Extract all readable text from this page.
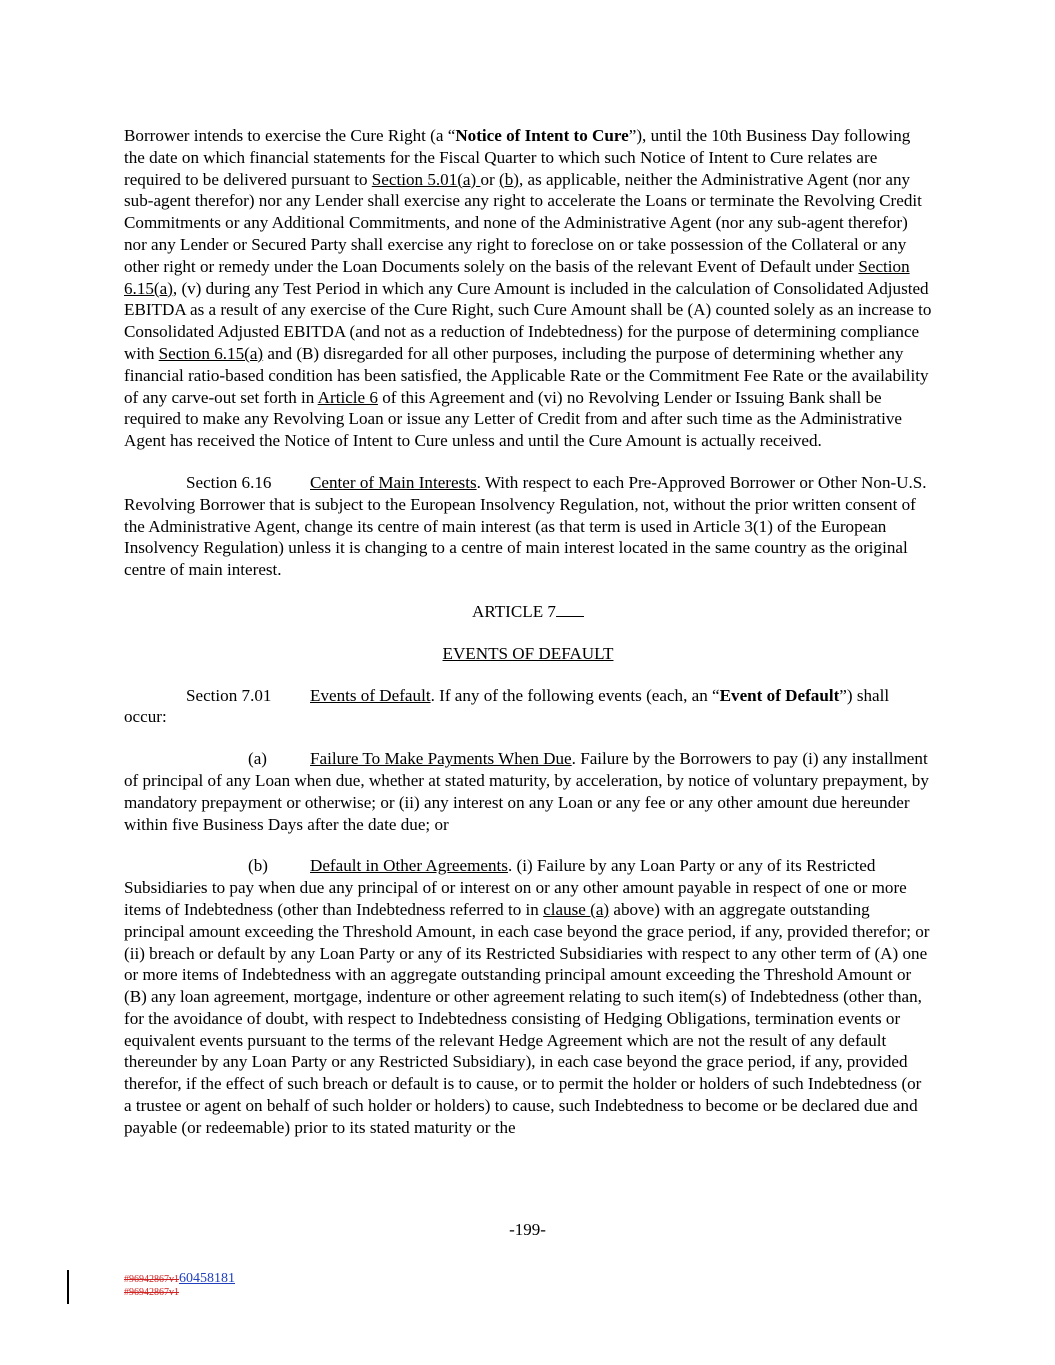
Borrower intends to exercise the Cure Right (a “Notice of Intent to Cure”), until the 10th Business Day following the date on which financial statements for the Fiscal Quarter to which such Notice of Intent to Cure relates are required to be delivered pursuant to Section 5.01(a) or (b), as applicable, neither the Administrative Agent (nor any sub-agent therefor) nor any Lender shall exercise any right to accelerate the Loans or terminate the Revolving Credit Commitments or any Additional Commitments, and none of the Administrative Agent (nor any sub-agent therefor) nor any Lender or Secured Party shall exercise any right to foreclose on or take possession of the Collateral or any other right or remedy under the Loan Documents solely on the basis of the relevant Event of Default under Section 6.15(a), (v) during any Test Period in which any Cure Amount is included in the calculation of Consolidated Adjusted EBITDA as a result of any exercise of the Cure Right, such Cure Amount shall be (A) counted solely as an increase to Consolidated Adjusted EBITDA (and not as a reduction of Indebtedness) for the purpose of determining compliance with Section 6.15(a) and (B) disregarded for all other purposes, including the purpose of determining whether any financial ratio-based condition has been satisfied, the Applicable Rate or the Commitment Fee Rate or the availability of any carve-out set forth in Article 6 of this Agreement and (vi) no Revolving Lender or Issuing Bank shall be required to make any Revolving Loan or issue any Letter of Credit from and after such time as the Administrative Agent has received the Notice of Intent to Cure unless and until the Cure Amount is actually received.

Section 6.16 Center of Main Interests. With respect to each Pre-Approved Borrower or Other Non-U.S. Revolving Borrower that is subject to the European Insolvency Regulation, not, without the prior written consent of the Administrative Agent, change its centre of main interest (as that term is used in Article 3(1) of the European Insolvency Regulation) unless it is changing to a centre of main interest located in the same country as the original centre of main interest.

ARTICLE 7

EVENTS OF DEFAULT

Section 7.01 Events of Default. If any of the following events (each, an “Event of Default”) shall occur:

(a)	Failure To Make Payments When Due. Failure by the Borrowers to pay (i) any installment of principal of any Loan when due, whether at stated maturity, by acceleration, by notice of voluntary prepayment, by mandatory prepayment or otherwise; or (ii) any interest on any Loan or any fee or any other amount due hereunder within five Business Days after the date due; or

(b) Default in Other Agreements. (i) Failure by any Loan Party or any of its Restricted Subsidiaries to pay when due any principal of or interest on or any other amount payable in respect of one or more items of Indebtedness (other than Indebtedness referred to in clause (a) above) with an aggregate outstanding principal amount exceeding the Threshold Amount, in each case beyond the grace period, if any, provided therefor; or (ii) breach or default by any Loan Party or any of its Restricted Subsidiaries with respect to any other term of (A) one or more items of Indebtedness with an aggregate outstanding principal amount exceeding the Threshold Amount or (B) any loan agreement, mortgage, indenture or other agreement relating to such item(s) of Indebtedness (other than, for the avoidance of doubt, with respect to Indebtedness consisting of Hedging Obligations, termination events or equivalent events pursuant to the terms of the relevant Hedge Agreement which are not the result of any default thereunder by any Loan Party or any Restricted Subsidiary), in each case beyond the grace period, if any, provided therefor, if the effect of such breach or default is to cause, or to permit the holder or holders of such Indebtedness (or a trustee or agent on behalf of such holder or holders) to cause, such Indebtedness to become or be declared due and payable (or redeemable) prior to its stated maturity or the

-199-
#96942867v160458181
#96942867v1
